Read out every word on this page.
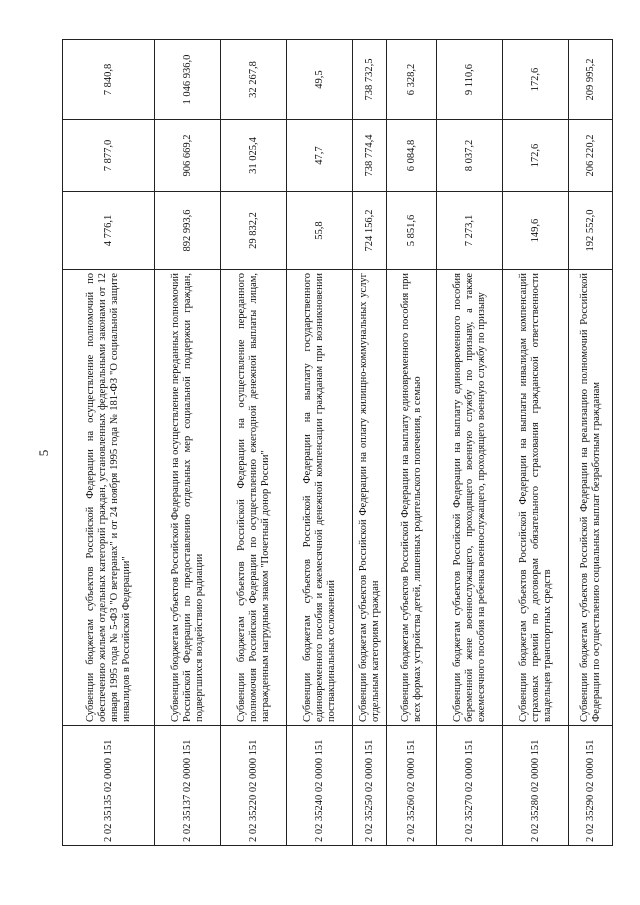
5
2 02 35135 02 0000 151	Субвенции бюджетам субъектов Российской Федерации на осуществление полномочий по обеспечению жильем отдельных категорий граждан, установленных федеральными законами от 12 января 1995 года № 5-ФЗ "О ветеранах" и от 24 ноября 1995 года № 181-ФЗ "О социальной защите инвалидов в Российской Федерации"	4 776,1	7 877,0	7 840,8
2 02 35137 02 0000 151	Субвенции бюджетам субъектов Российской Федерации на осуществление переданных полномочий Российской Федерации по предоставлению отдельных мер социальной поддержки граждан, подвергшихся воздействию радиации	892 993,6	906 669,2	1 046 936,0
2 02 35220 02 0000 151	Субвенции бюджетам субъектов Российской Федерации на осуществление переданного полномочия Российской Федерации по осуществлению ежегодной денежной выплаты лицам, награжденным нагрудным знаком "Почетный донор России"	29 832,2	31 025,4	32 267,8
2 02 35240 02 0000 151	Субвенции бюджетам субъектов Российской Федерации на выплату государственного единовременного пособия и ежемесячной денежной компенсации гражданам при возникновении поствакцинальных осложнений	55,8	47,7	49,5
2 02 35250 02 0000 151	Субвенции бюджетам субъектов Российской Федерации на оплату жилищно-коммунальных услуг отдельным категориям граждан	724 156,2	738 774,4	738 732,5
2 02 35260 02 0000 151	Субвенции бюджетам субъектов Российской Федерации на выплату единовременного пособия при всех формах устройства детей, лишенных родительского попечения, в семью	5 851,6	6 084,8	6 328,2
2 02 35270 02 0000 151	Субвенции бюджетам субъектов Российской Федерации на выплату единовременного пособия беременной жене военнослужащего, проходящего военную службу по призыву, а также ежемесячного пособия на ребенка военнослужащего, проходящего военную службу по призыву	7 273,1	8 037,2	9 110,6
2 02 35280 02 0000 151	Субвенции бюджетам субъектов Российской Федерации на выплаты инвалидам компенсаций страховых премий по договорам обязательного страхования гражданской ответственности владельцев транспортных средств	149,6	172,6	172,6
2 02 35290 02 0000 151	Субвенции бюджетам субъектов Российской Федерации на реализацию полномочий Российской Федерации по осуществлению социальных выплат безработным гражданам	192 552,0	206 220,2	209 995,2
